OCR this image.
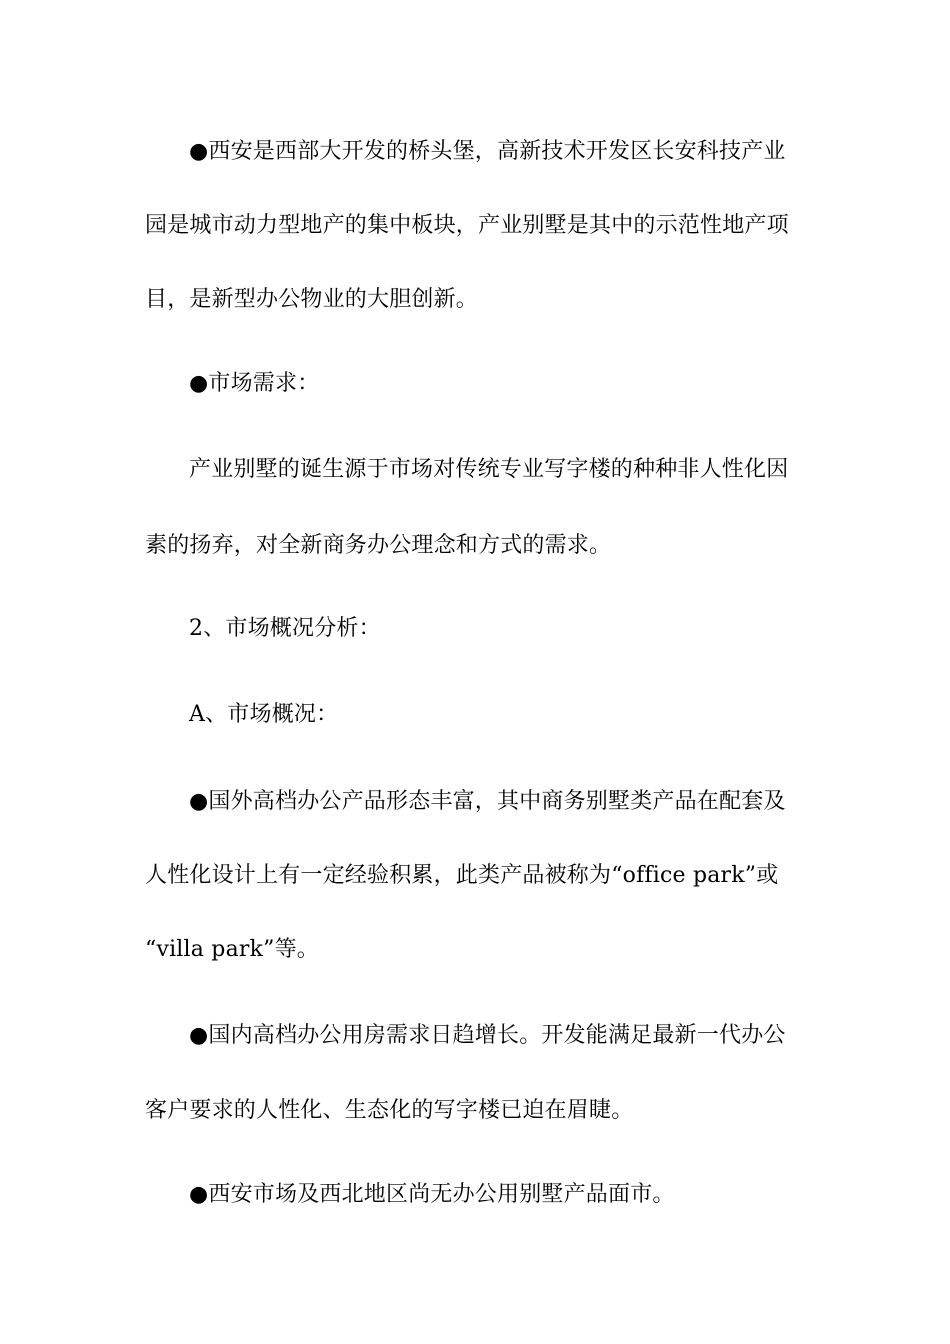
●西安是西部大开发的桥头堡，高新技术开发区长安科技产业
园是城市动力型地产的集中板块，产业别墅是其中的示范性地产项
目，是新型办公物业的大胆创新。
●市场需求：
产业别墅的诞生源于市场对传统专业写字楼的种种非人性化因
素的扬弃，对全新商务办公理念和方式的需求。
2、市场概况分析：
A、市场概况：
●国外高档办公产品形态丰富，其中商务别墅类产品在配套及
人性化设计上有一定经验积累，此类产品被称为“office park”或
“villa park”等。
●国内高档办公用房需求日趋增长。开发能满足最新一代办公
客户要求的人性化、生态化的写字楼已迫在眉睫。
●西安市场及西北地区尚无办公用别墅产品面市。
